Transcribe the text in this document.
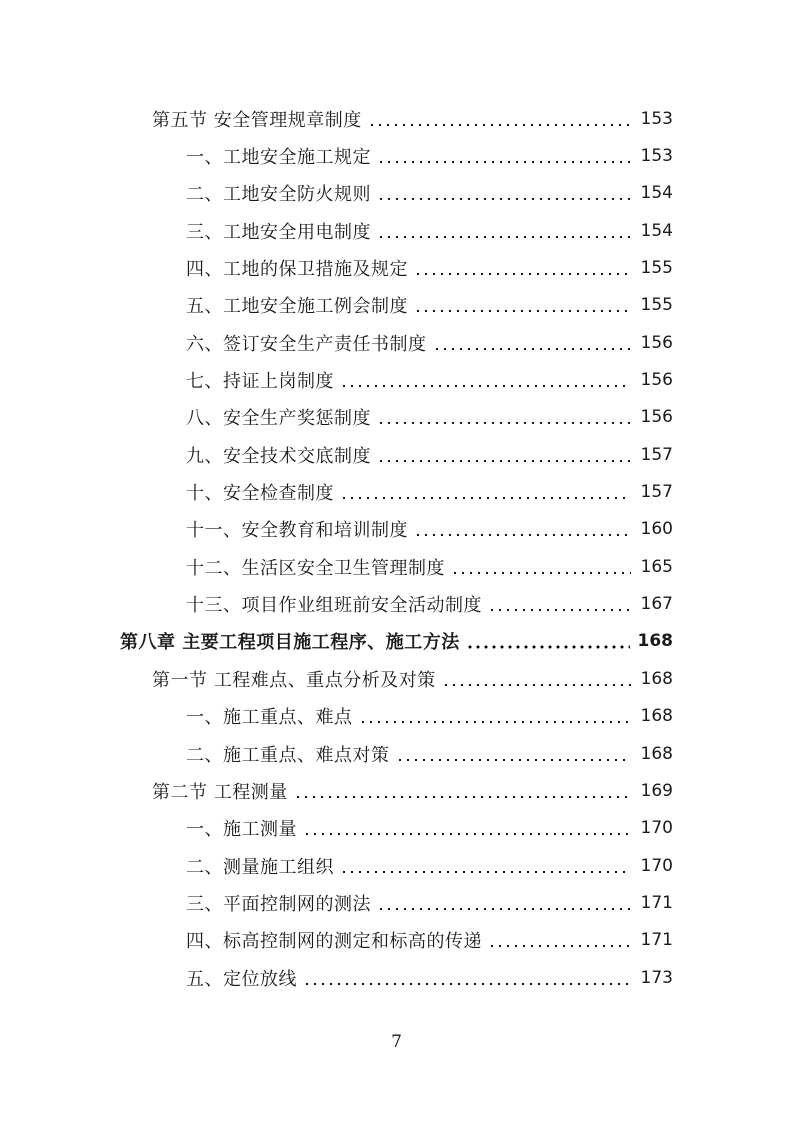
第五节 安全管理规章制度	153
一、工地安全施工规定	153
二、工地安全防火规则	154
三、工地安全用电制度	154
四、工地的保卫措施及规定	155
五、工地安全施工例会制度	155
六、签订安全生产责任书制度	156
七、持证上岗制度	156
八、安全生产奖惩制度	156
九、安全技术交底制度	157
十、安全检查制度	157
十一、安全教育和培训制度	160
十二、生活区安全卫生管理制度	165
十三、项目作业组班前安全活动制度	167
第八章 主要工程项目施工程序、施工方法	168
第一节 工程难点、重点分析及对策	168
一、施工重点、难点	168
二、施工重点、难点对策	168
第二节 工程测量	169
一、施工测量	170
二、测量施工组织	170
三、平面控制网的测法	171
四、标高控制网的测定和标高的传递	171
五、定位放线	173
7
